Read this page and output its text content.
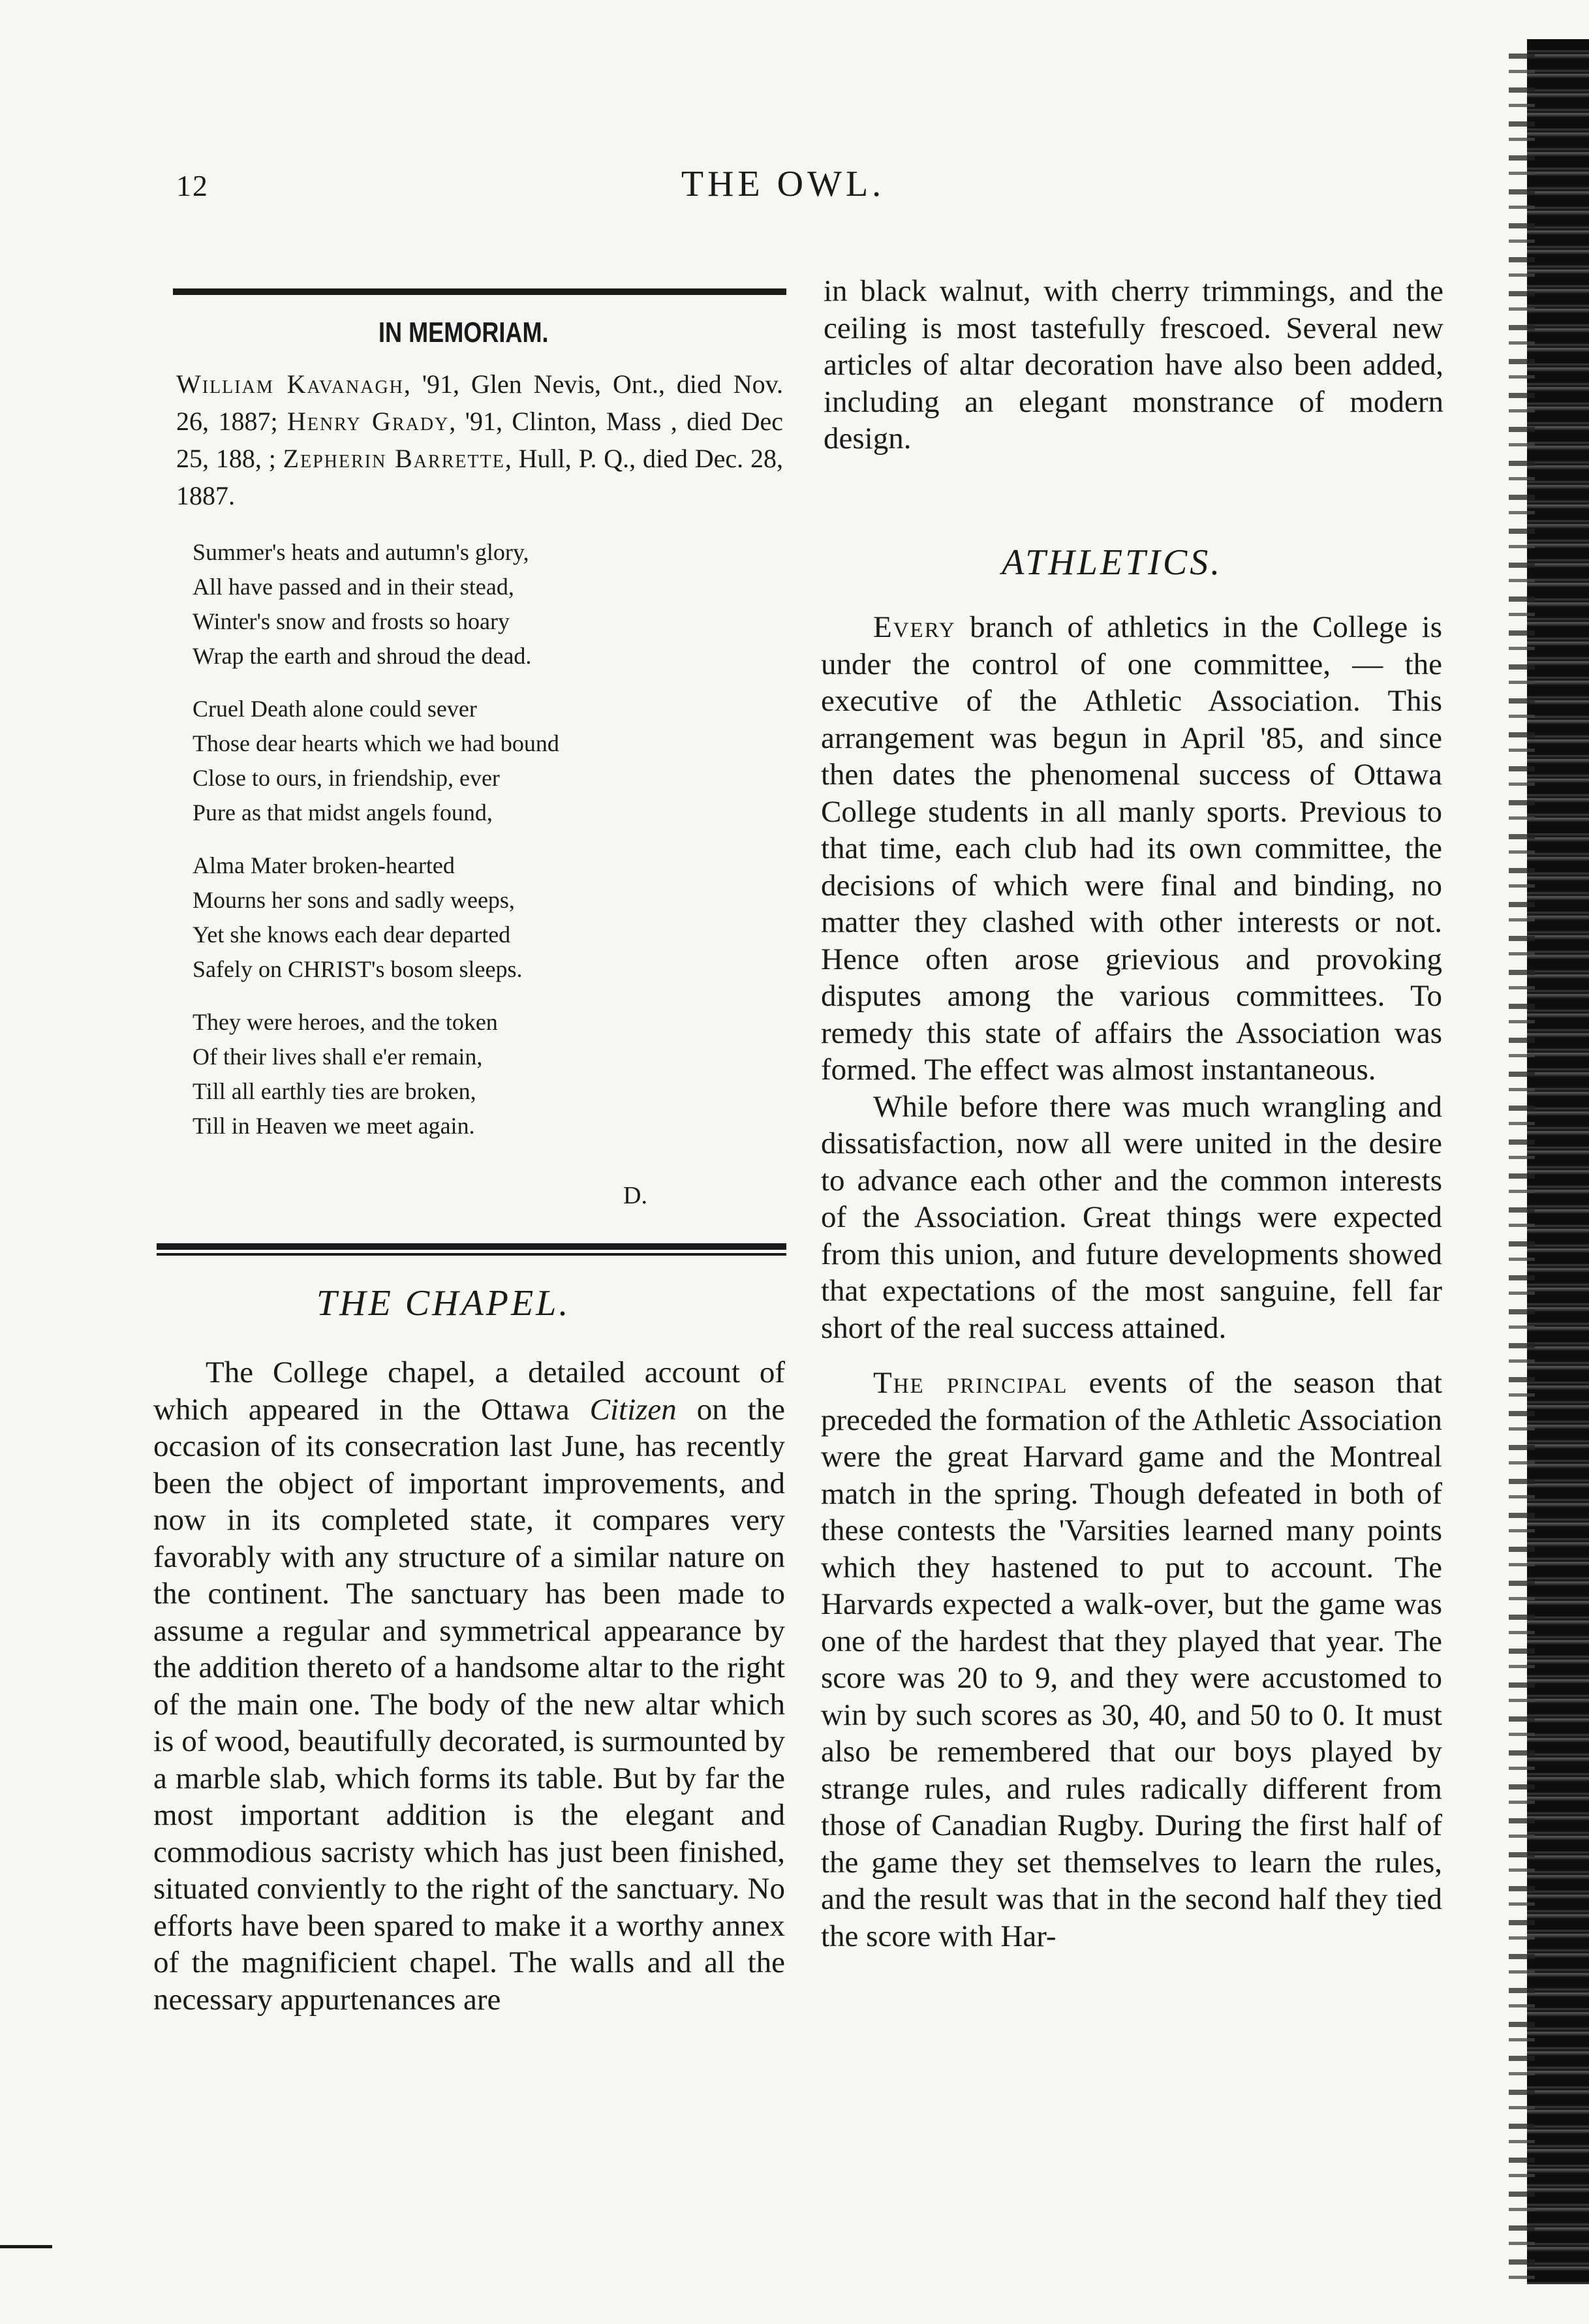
12	THE OWL.
IN MEMORIAM.
William Kavanagh, '91, Glen Nevis, Ont., died Nov. 26, 1887; Henry Grady, '91, Clinton, Mass , died Dec 25, 188, ; Zepherin Barrette, Hull, P. Q., died Dec. 28, 1887.
Summer's heats and autumn's glory,
All have passed and in their stead,
Winter's snow and frosts so hoary
Wrap the earth and shroud the dead.
Cruel Death alone could sever
Those dear hearts which we had bound
Close to ours, in friendship, ever
Pure as that midst angels found,
Alma Mater broken-hearted
Mourns her sons and sadly weeps,
Yet she knows each dear departed
Safely on CHRIST's bosom sleeps.
They were heroes, and the token
Of their lives shall e'er remain,
Till all earthly ties are broken,
Till in Heaven we meet again.
D.
THE CHAPEL.

The College chapel, a detailed account of which appeared in the Ottawa Citizen on the occasion of its consecration last June, has recently been the object of important improvements, and now in its completed state, it compares very favorably with any structure of a similar nature on the continent. The sanctuary has been made to assume a regular and symmetrical appearance by the addition thereto of a handsome altar to the right of the main one. The body of the new altar which is of wood, beautifully decorated, is surmounted by a marble slab, which forms its table. But by far the most important addition is the elegant and commodious sacristy which has just been finished, situated conviently to the right of the sanctuary. No efforts have been spared to make it a worthy annex of the magnificient chapel. The walls and all the necessary appurtenances are

in black walnut, with cherry trimmings, and the ceiling is most tastefully frescoed. Several new articles of altar decoration have also been added, including an elegant monstrance of modern design.

ATHLETICS.

Every branch of athletics in the College is under the control of one committee, — the executive of the Athletic Association. This arrangement was begun in April '85, and since then dates the phenomenal success of Ottawa College students in all manly sports. Previous to that time, each club had its own committee, the decisions of which were final and binding, no matter they clashed with other interests or not. Hence often arose grievious and provoking disputes among the various committees. To remedy this state of affairs the Association was formed. The effect was almost instantaneous.

While before there was much wrangling and dissatisfaction, now all were united in the desire to advance each other and the common interests of the Association. Great things were expected from this union, and future developments showed that expectations of the most sanguine, fell far short of the real success attained.

The principal events of the season that preceded the formation of the Athletic Association were the great Harvard game and the Montreal match in the spring. Though defeated in both of these contests the 'Varsities learned many points which they hastened to put to account. The Harvards expected a walk-over, but the game was one of the hardest that they played that year. The score was 20 to 9, and they were accustomed to win by such scores as 30, 40, and 50 to 0. It must also be remembered that our boys played by strange rules, and rules radically different from those of Canadian Rugby. During the first half of the game they set themselves to learn the rules, and the result was that in the second half they tied the score with Har-
